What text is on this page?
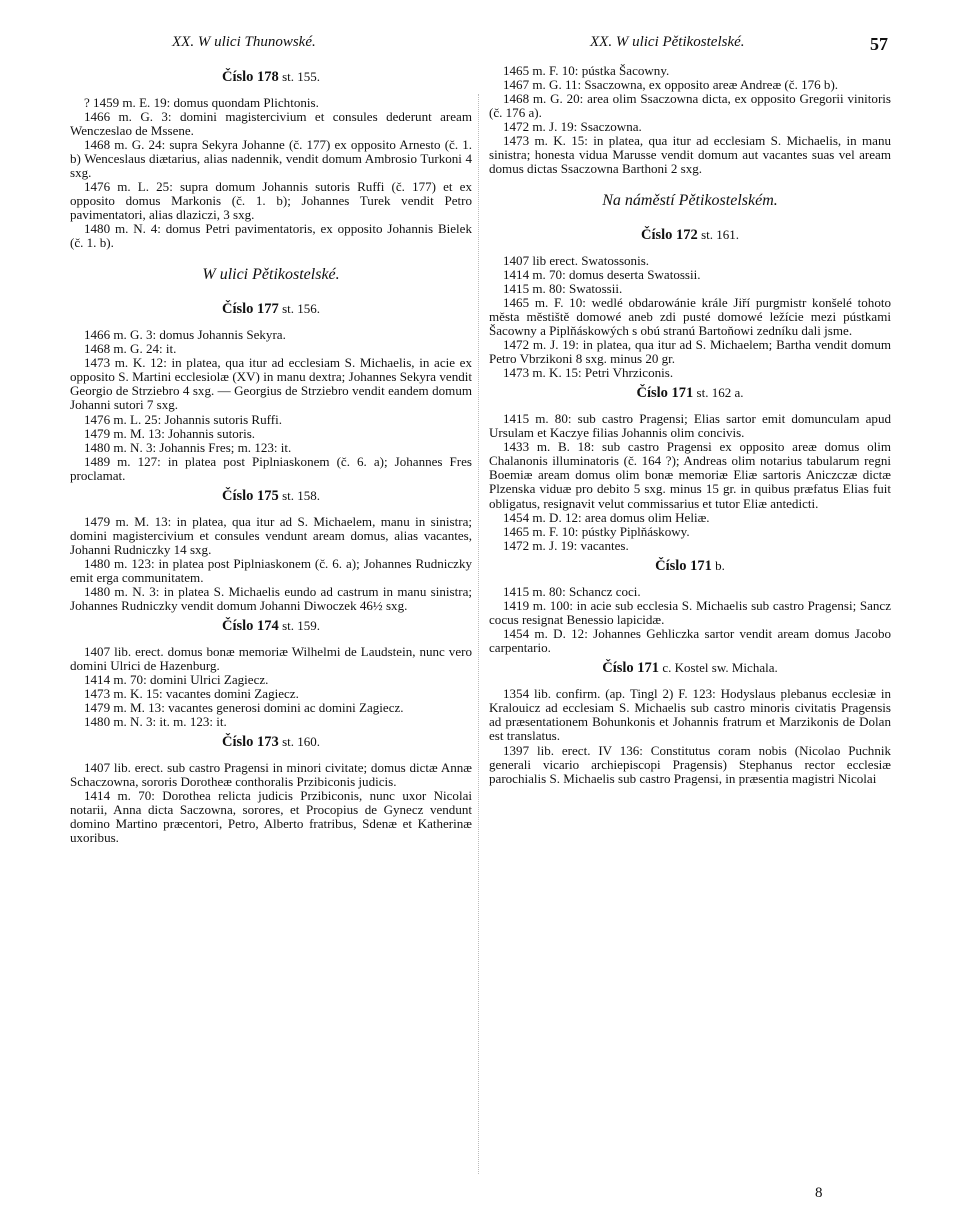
XX. W ulici Thunowské.	XX. W ulici Pětikostelské.	57
Číslo 178 st. 155.

? 1459 m. E. 19: domus quondam Plichtonis.

1466 m. G. 3: domini magistercivium et consules dederunt aream Wenczeslao de Mssene.

1468 m. G. 24: supra Sekyra Johanne (č. 177) ex opposito Arnesto (č. 1. b) Wenceslaus diætarius, alias nadennik, vendit domum Ambrosio Turkoni 4 sxg.

1476 m. L. 25: supra domum Johannis sutoris Ruffi (č. 177) et ex opposito domus Markonis (č. 1. b); Johannes Turek vendit Petro pavimentatori, alias dlaziczi, 3 sxg.

1480 m. N. 4: domus Petri pavimentatoris, ex opposito Johannis Bielek (č. 1. b).

W ulici Pětikostelské.
Číslo 177 st. 156.

1466 m. G. 3: domus Johannis Sekyra.

1468 m. G. 24: it.

1473 m. K. 12: in platea, qua itur ad ecclesiam S. Michaelis, in acie ex opposito S. Martini ecclesiolæ (XV) in manu dextra; Johannes Sekyra vendit Georgio de Strziebro 4 sxg. — Georgius de Strziebro vendit eandem domum Johanni sutori 7 sxg.

1476 m. L. 25: Johannis sutoris Ruffi.

1479 m. M. 13: Johannis sutoris.

1480 m. N. 3: Johannis Fres; m. 123: it.

1489 m. 127: in platea post Piplniaskonem (č. 6. a); Johannes Fres proclamat.

Číslo 175 st. 158.

1479 m. M. 13: in platea, qua itur ad S. Michaelem, manu in sinistra; domini magistercivium et consules vendunt aream domus, alias vacantes, Johanni Rudniczky 14 sxg.

1480 m. 123: in platea post Piplniaskonem (č. 6. a); Johannes Rudniczky emit erga communitatem.

1480 m. N. 3: in platea S. Michaelis eundo ad castrum in manu sinistra; Johannes Rudniczky vendit domum Johanni Diwoczek 46½ sxg.

Číslo 174 st. 159.

1407 lib. erect. domus bonæ memoriæ Wilhelmi de Laudstein, nunc vero domini Ulrici de Hazenburg.

1414 m. 70: domini Ulrici Zagiecz.

1473 m. K. 15: vacantes domini Zagiecz.

1479 m. M. 13: vacantes generosi domini ac domini Zagiecz.

1480 m. N. 3: it. m. 123: it.

Číslo 173 st. 160.

1407 lib. erect. sub castro Pragensi in minori civitate; domus dictæ Annæ Schaczowna, sororis Dorotheæ conthoralis Przibiconis judicis.

1414 m. 70: Dorothea relicta judicis Przibiconis, nunc uxor Nicolai notarii, Anna dicta Saczowna, sorores, et Procopius de Gynecz vendunt domino Martino præcentori, Petro, Alberto fratribus, Sdenæ et Katherinæ uxoribus.

1465 m. F. 10: pústka Šacowny.

1467 m. G. 11: Ssaczowna, ex opposito areæ Andreæ (č. 176 b).

1468 m. G. 20: area olim Ssaczowna dicta, ex opposito Gregorii vinitoris (č. 176 a).

1472 m. J. 19: Ssaczowna.

1473 m. K. 15: in platea, qua itur ad ecclesiam S. Michaelis, in manu sinistra; honesta vidua Marusse vendit domum aut vacantes suas vel aream domus dictas Ssaczowna Barthoni 2 sxg.

Na náměstí Pětikostelském.
Číslo 172 st. 161.

1407 lib erect. Swatossonis.

1414 m. 70: domus deserta Swatossii.

1415 m. 80: Swatossii.

1465 m. F. 10: wedlé obdarowánie krále Jiří purgmistr konšelé tohoto města městiště domowé aneb zdi pusté domowé ležície mezi pústkami Šacowny a Piplňáskowých s obú stranú Bartoňowi zedníku dali jsme.

1472 m. J. 19: in platea, qua itur ad S. Michaelem; Bartha vendit domum Petro Vbrzikoni 8 sxg. minus 20 gr.

1473 m. K. 15: Petri Vhrziconis.

Číslo 171 st. 162 a.

1415 m. 80: sub castro Pragensi; Elias sartor emit domunculam apud Ursulam et Kaczye filias Johannis olim concivis.

1433 m. B. 18: sub castro Pragensi ex opposito areæ domus olim Chalanonis illuminatoris (č. 164 ?); Andreas olim notarius tabularum regni Boemiæ aream domus olim bonæ memoriæ Eliæ sartoris Aniczczæ dictæ Plzenska viduæ pro debito 5 sxg. minus 15 gr. in quibus præfatus Elias fuit obligatus, resignavit velut commissarius et tutor Eliæ antedicti.

1454 m. D. 12: area domus olim Heliæ.

1465 m. F. 10: pústky Piplňáskowy.

1472 m. J. 19: vacantes.

Číslo 171 b.

1415 m. 80: Schancz coci.

1419 m. 100: in acie sub ecclesia S. Michaelis sub castro Pragensi; Sancz cocus resignat Benessio lapicidæ.

1454 m. D. 12: Johannes Gehliczka sartor vendit aream domus Jacobo carpentario.

Číslo 171 c. Kostel sw. Michala.

1354 lib. confirm. (ap. Tingl 2) F. 123: Hodyslaus plebanus ecclesiæ in Kralouicz ad ecclesiam S. Michaelis sub castro minoris civitatis Pragensis ad præsentationem Bohunkonis et Johannis fratrum et Marzikonis de Dolan est translatus.

1397 lib. erect. IV 136: Constitutus coram nobis (Nicolao Puchnik generali vicario archiepiscopi Pragensis) Stephanus rector ecclesiæ parochialis S. Michaelis sub castro Pragensi, in præsentia magistri Nicolai

8
